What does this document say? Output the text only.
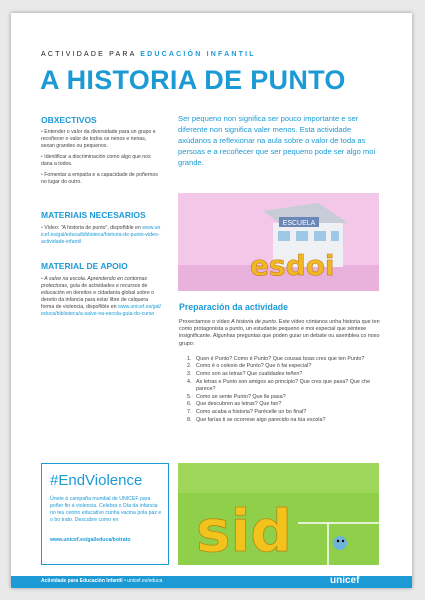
ACTIVIDADE PARA EDUCACIÓN INFANTIL
A HISTORIA DE PUNTO
OBXECTIVOS
• Entender o valor da diversidade para un grupo e recoñecer o valor de todos os nenos e nenas, sexan grandes ou pequenos.
• Identificar a discriminación como algo que nos dana a todos.
• Fomentar a empatía e a capacidade de poñernos no lugar do outro.
MATERIAIS NECESARIOS
• Vídeo: "A historia de punto", dispoñible en www.unicef.es/gal/educa/biblioteca/historia-de-punto-video-actividade-infantil
MATERIAL DE APOIO
• A salve na escola. Aprendendo en contornas protectoras, guía de actividades e recursos de educación en dereitos e cidadanía global sobre o dereito da infancia para estar libre de calquera forma de violencia, dispoñible en www.unicef.es/gal/educa/biblioteca/a-salve-na-escola-guia-do-curso
Ser pequeno non significa ser pouco importante e ser diferente non significa valer menos. Esta actividade axúdanos a reflexionar na aula sobre o valor de toda as persoas e a recoñecer que ser pequeno pode ser algo moi grande.
ESCUELA
esdoi
Preparación da actividade
Proxectamos o vídeo A historia de punto. Este vídeo cóntanos unha historia que ten como protagonista a punto, un estudante pequeno e moi especial que séntese insignificante. Algunhas preguntas que poden guiar un debate ou asemblea co noso grupo:
1. Quen é Punto? Como é Punto? Que cousas boas cres que ten Punto?
2. Como é o colexio de Punto? Que ó fai especial?
3. Como son as letras? Que cualidades teñen?
4. As letras e Punto son amigos ao principio? Que cres que pasa? Que che parece?
5. Como se sente Punto? Que lle pasa?
6. Que descubren as letras? Que fan?
7. Como acaba a historia? Parécelle un bo final?
8. Que farías ti se ocorrese algo parecido na túa escola?
#EndViolence
Únete á campaña mundial de UNICEF para poñer fin á violencia. Celebra o Día da infancia no teu centro educativo cunha vacina pola paz e o bo trato. Descubre como en
www.unicef.es/gal/educa/botrato sid
Actividade para Educación Infantil • unicef.es/educa	unicef
